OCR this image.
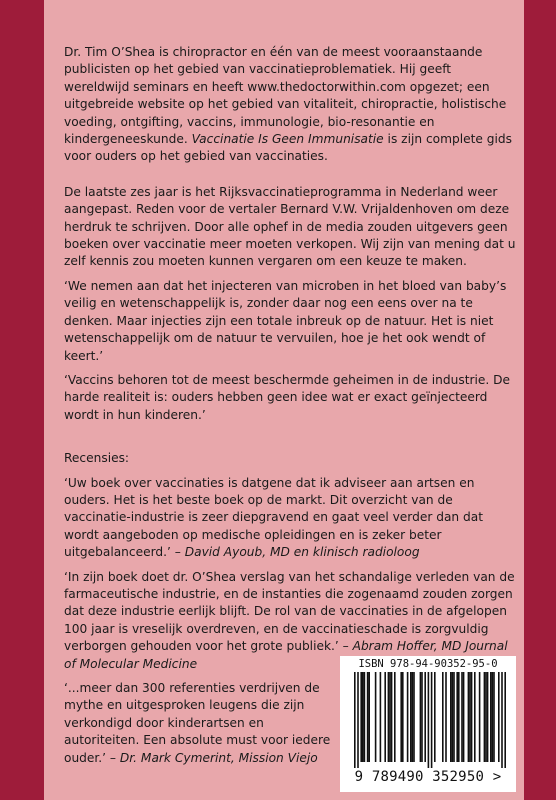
Dr. Tim O’Shea is chiropractor en één van de meest vooraanstaande publicisten op het gebied van vaccinatieproblematiek. Hij geeft wereldwijd seminars en heeft www.thedoctorwithin.com opgezet; een uitgebreide website op het gebied van vitaliteit, chiropractie, holistische voeding, ontgifting, vaccins, immunologie, bio-resonantie en kindergeneeskunde. Vaccinatie Is Geen Immunisatie is zijn complete gids voor ouders op het gebied van vaccinaties.

De laatste zes jaar is het Rijksvaccinatieprogramma in Nederland weer aangepast. Reden voor de vertaler Bernard V.W. Vrijaldenhoven om deze herdruk te schrijven. Door alle ophef in de media zouden uitgevers geen boeken over vaccinatie meer moeten verkopen. Wij zijn van mening dat u zelf kennis zou moeten kunnen vergaren om een keuze te maken.

‘We nemen aan dat het injecteren van microben in het bloed van baby’s veilig en wetenschappelijk is, zonder daar nog een eens over na te denken. Maar injecties zijn een totale inbreuk op de natuur. Het is niet wetenschappelijk om de natuur te vervuilen, hoe je het ook wendt of keert.’

‘Vaccins behoren tot de meest beschermde geheimen in de industrie. De harde realiteit is: ouders hebben geen idee wat er exact geïnjecteerd wordt in hun kinderen.’

Recensies:

‘Uw boek over vaccinaties is datgene dat ik adviseer aan artsen en ouders. Het is het beste boek op de markt. Dit overzicht van de vaccinatie-industrie is zeer diepgravend en gaat veel verder dan dat wordt aangeboden op medische opleidingen en is zeker beter uitgebalanceerd.’ – David Ayoub, MD en klinisch radioloog

‘In zijn boek doet dr. O’Shea verslag van het schandalige verleden van de farmaceutische industrie, en de instanties die zogenaamd zouden zorgen dat deze industrie eerlijk blijft. De rol van de vaccinaties in de afgelopen 100 jaar is vreselijk overdreven, en de vaccinatieschade is zorgvuldig verborgen gehouden voor het grote publiek.’ – Abram Hoffer, MD Journal of Molecular Medicine

‘...meer dan 300 referenties verdrijven de mythe en uitgesproken leugens die zijn verkondigd door kinderartsen en autoriteiten. Een absolute must voor iedere ouder.’ – Dr. Mark Cymerint, Mission Viejo

ISBN 978-94-90352-95-0
9 789490 352950 >
